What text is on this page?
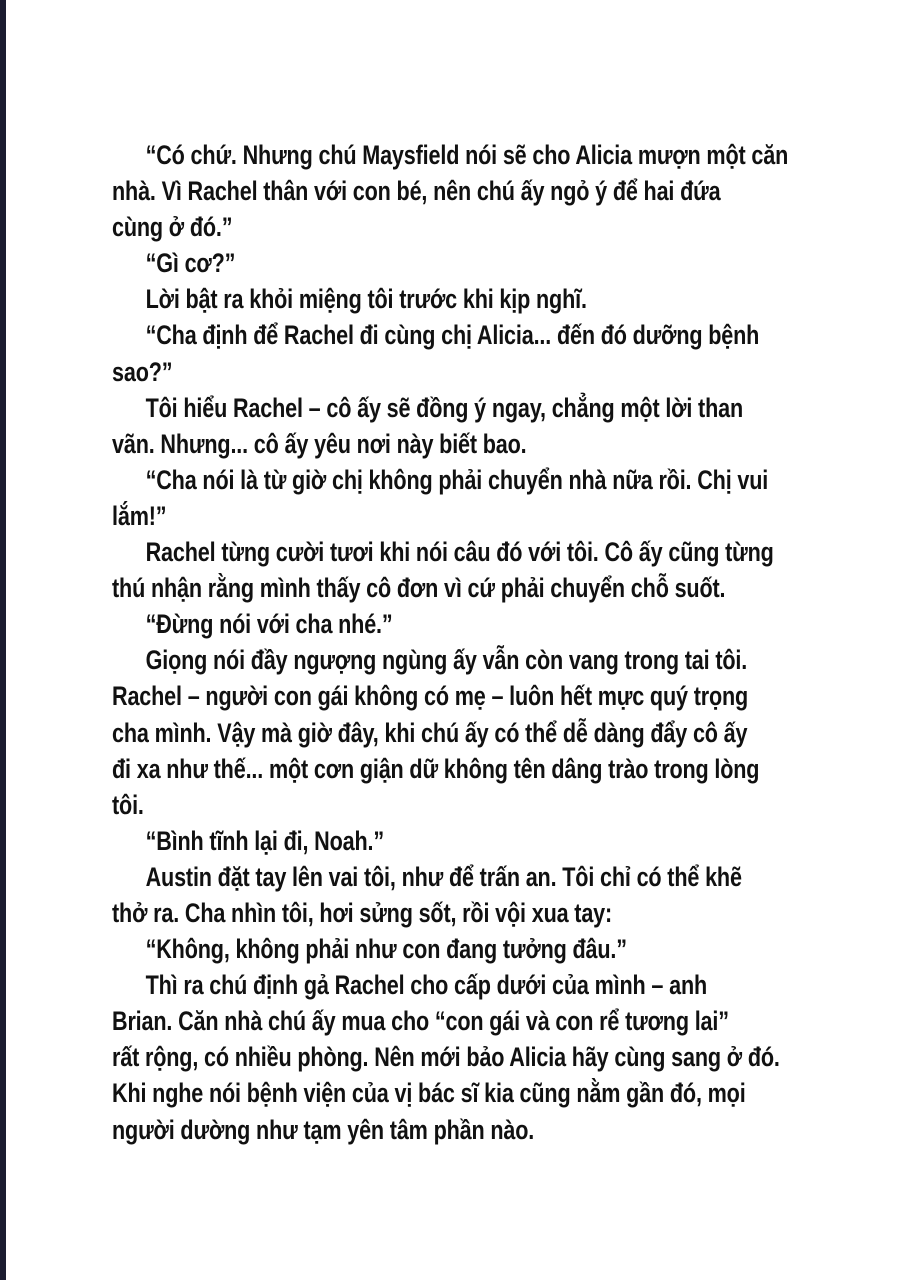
“Có chứ. Nhưng chú Maysfield nói sẽ cho Alicia mượn một căn
nhà. Vì Rachel thân với con bé, nên chú ấy ngỏ ý để hai đứa
cùng ở đó.”
“Gì cơ?”
Lời bật ra khỏi miệng tôi trước khi kịp nghĩ.
“Cha định để Rachel đi cùng chị Alicia... đến đó dưỡng bệnh
sao?”
Tôi hiểu Rachel – cô ấy sẽ đồng ý ngay, chẳng một lời than
vãn. Nhưng... cô ấy yêu nơi này biết bao.
“Cha nói là từ giờ chị không phải chuyển nhà nữa rồi. Chị vui
lắm!”
Rachel từng cười tươi khi nói câu đó với tôi. Cô ấy cũng từng
thú nhận rằng mình thấy cô đơn vì cứ phải chuyển chỗ suốt.
“Đừng nói với cha nhé.”
Giọng nói đầy ngượng ngùng ấy vẫn còn vang trong tai tôi.
Rachel – người con gái không có mẹ – luôn hết mực quý trọng
cha mình. Vậy mà giờ đây, khi chú ấy có thể dễ dàng đẩy cô ấy
đi xa như thế... một cơn giận dữ không tên dâng trào trong lòng
tôi.
“Bình tĩnh lại đi, Noah.”
Austin đặt tay lên vai tôi, như để trấn an. Tôi chỉ có thể khẽ
thở ra. Cha nhìn tôi, hơi sửng sốt, rồi vội xua tay:
“Không, không phải như con đang tưởng đâu.”
Thì ra chú định gả Rachel cho cấp dưới của mình – anh
Brian. Căn nhà chú ấy mua cho “con gái và con rể tương lai”
rất rộng, có nhiều phòng. Nên mới bảo Alicia hãy cùng sang ở đó.
Khi nghe nói bệnh viện của vị bác sĩ kia cũng nằm gần đó, mọi
người dường như tạm yên tâm phần nào.
